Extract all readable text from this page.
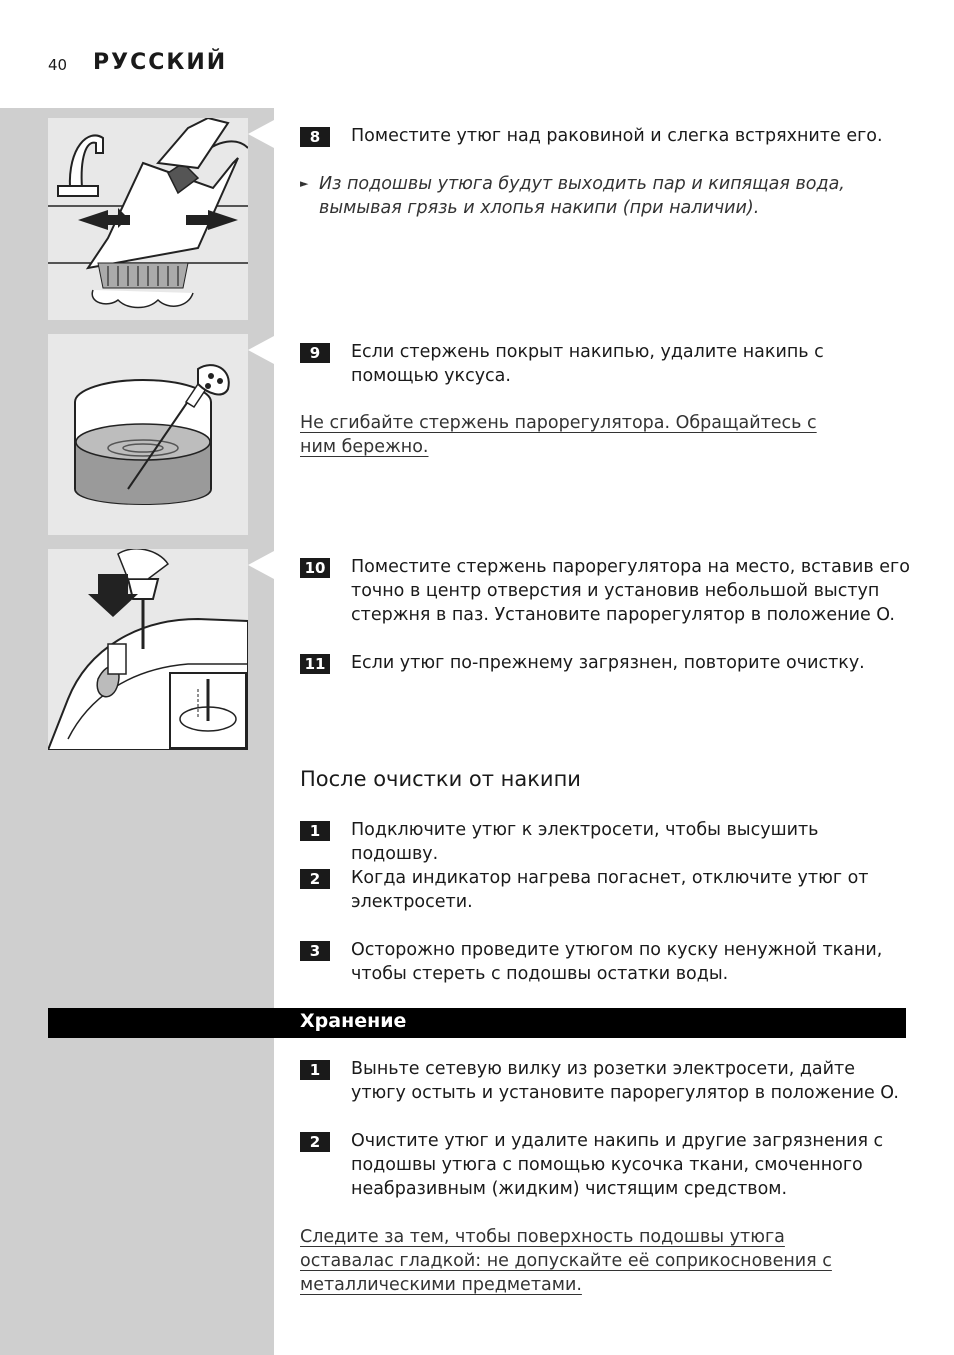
40 РУССКИЙ
8	Поместите утюг над раковиной и слегка встряхните его.
► Из подошвы утюга будут выходить пар и кипящая вода, вымывая грязь и хлопья накипи (при наличии).
9	Если стержень покрыт накипью, удалите накипь с помощью уксуса.
Не сгибайте стержень парорегулятора. Обращайтесь с ним бережно.
10 Поместите стержень парорегулятора на место, вставив его точно в центр отверстия и установив небольшой выступ стержня в паз. Установите парорегулятор в положение O.
11 Если утюг по-прежнему загрязнен, повторите очистку.
После очистки от накипи
1	Подключите утюг к электросети, чтобы высушить подошву.
2	Когда индикатор нагрева погаснет, отключите утюг от электросети.
3	Осторожно проведите утюгом по куску ненужной ткани, чтобы стереть с подошвы остатки воды.
Хранение
1	Выньте сетевую вилку из розетки электросети, дайте утюгу остыть и установите парорегулятор в положение O.
2	Очистите утюг и удалите накипь и другие загрязнения с подошвы утюга с помощью кусочка ткани, смоченного неабразивным (жидким) чистящим средством.
Следите за тем, чтобы поверхность подошвы утюга оставалас гладкой: не допускайте её соприкосновения с металлическими предметами.
